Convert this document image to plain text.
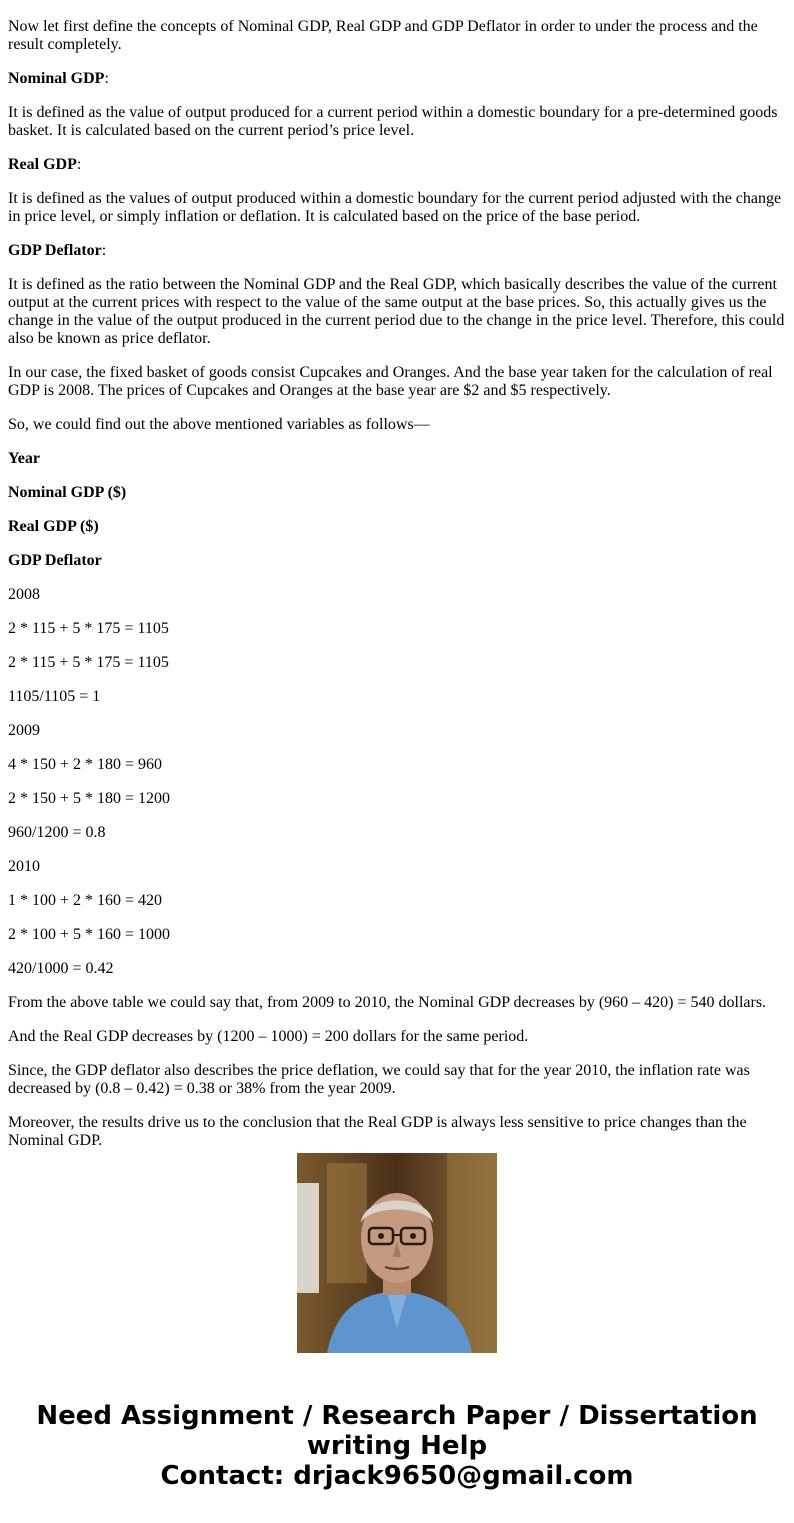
Now let first define the concepts of Nominal GDP, Real GDP and GDP Deflator in order to under the process and the result completely.

Nominal GDP:

It is defined as the value of output produced for a current period within a domestic boundary for a pre-determined goods basket. It is calculated based on the current period’s price level.

Real GDP:

It is defined as the values of output produced within a domestic boundary for the current period adjusted with the change in price level, or simply inflation or deflation. It is calculated based on the price of the base period.

GDP Deflator:

It is defined as the ratio between the Nominal GDP and the Real GDP, which basically describes the value of the current output at the current prices with respect to the value of the same output at the base prices. So, this actually gives us the change in the value of the output produced in the current period due to the change in the price level. Therefore, this could also be known as price deflator.

In our case, the fixed basket of goods consist Cupcakes and Oranges. And the base year taken for the calculation of real GDP is 2008. The prices of Cupcakes and Oranges at the base year are $2 and $5 respectively.

So, we could find out the above mentioned variables as follows—

Year

Nominal GDP ($)

Real GDP ($)

GDP Deflator

2008

2 * 115 + 5 * 175 = 1105

2 * 115 + 5 * 175 = 1105

1105/1105 = 1

2009

4 * 150 + 2 * 180 = 960

2 * 150 + 5 * 180 = 1200

960/1200 = 0.8

2010

1 * 100 + 2 * 160 = 420

2 * 100 + 5 * 160 = 1000

420/1000 = 0.42

From the above table we could say that, from 2009 to 2010, the Nominal GDP decreases by (960 – 420) = 540 dollars.

And the Real GDP decreases by (1200 – 1000) = 200 dollars for the same period.

Since, the GDP deflator also describes the price deflation, we could say that for the year 2010, the inflation rate was decreased by (0.8 – 0.42) = 0.38 or 38% from the year 2009.

Moreover, the results drive us to the conclusion that the Real GDP is always less sensitive to price changes than the Nominal GDP.

Need Assignment / Research Paper / Dissertation
writing Help
Contact: drjack9650@gmail.com
